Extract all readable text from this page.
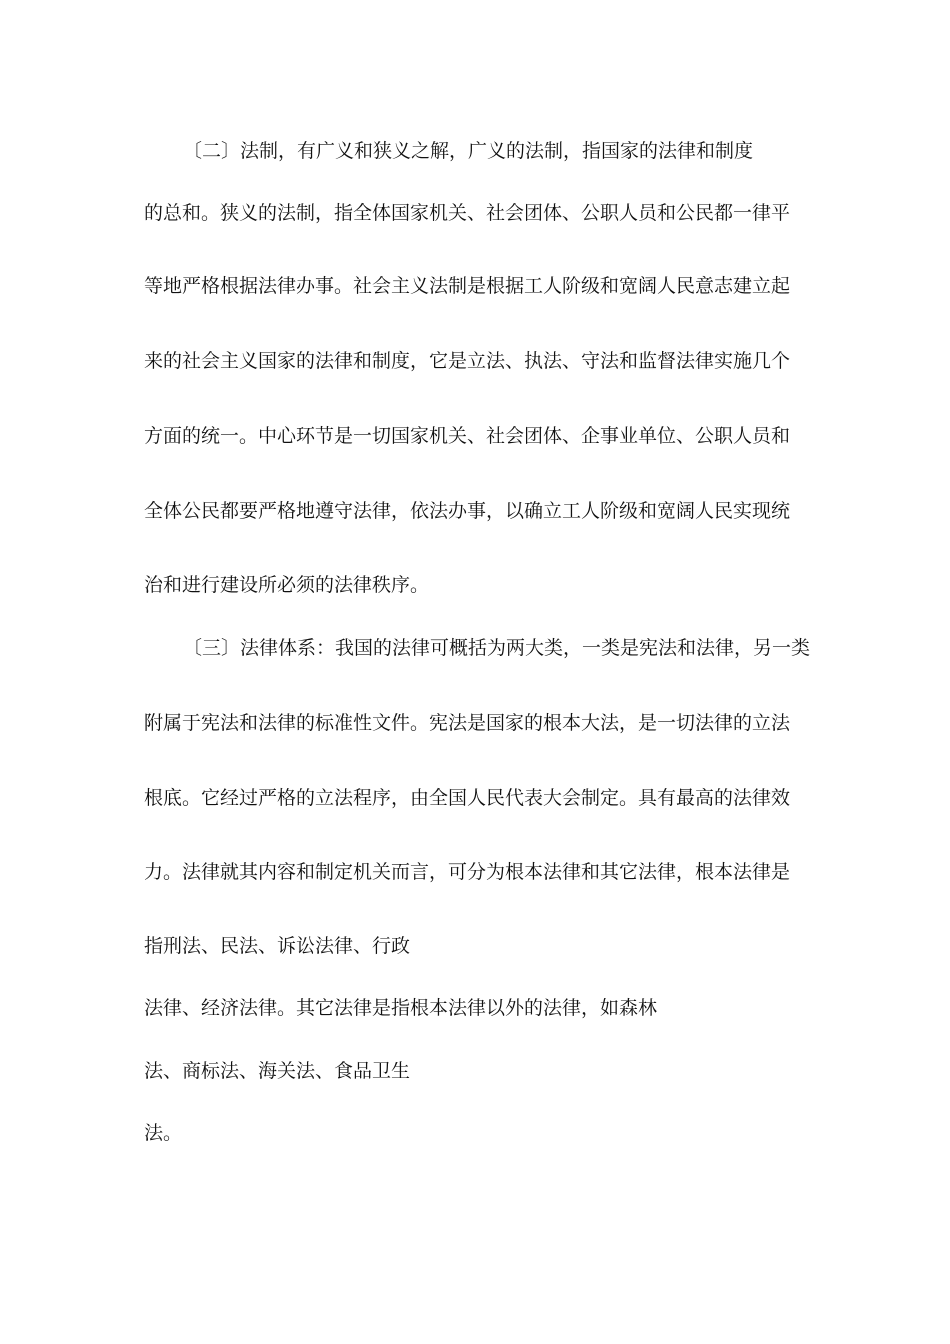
〔二〕法制，有广义和狭义之解，广义的法制，指国家的法律和制度
的总和。狭义的法制，指全体国家机关、社会团体、公职人员和公民都一律平
等地严格根据法律办事。社会主义法制是根据工人阶级和宽阔人民意志建立起
来的社会主义国家的法律和制度，它是立法、执法、守法和监督法律实施几个
方面的统一。中心环节是一切国家机关、社会团体、企事业单位、公职人员和
全体公民都要严格地遵守法律，依法办事，以确立工人阶级和宽阔人民实现统
治和进行建设所必须的法律秩序。
〔三〕法律体系：我国的法律可概括为两大类，一类是宪法和法律，另一类
附属于宪法和法律的标准性文件。宪法是国家的根本大法，是一切法律的立法
根底。它经过严格的立法程序，由全国人民代表大会制定。具有最高的法律效
力。法律就其内容和制定机关而言，可分为根本法律和其它法律，根本法律是
指刑法、民法、诉讼法律、行政
法律、经济法律。其它法律是指根本法律以外的法律，如森林
法、商标法、海关法、食品卫生
法。
